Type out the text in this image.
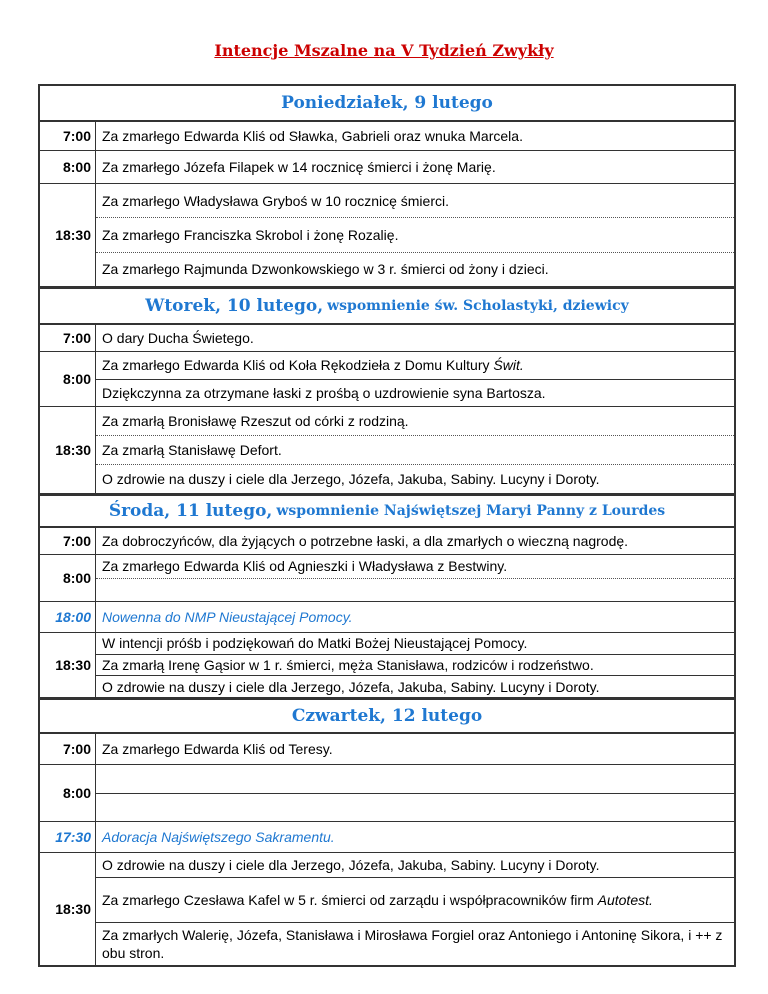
Intencje Mszalne na V Tydzień Zwykły
Poniedziałek, 9 lutego
7:00 Za zmarłego Edwarda Kliś od Sławka, Gabrieli oraz wnuka Marcela.
8:00 Za zmarłego Józefa Filapek w 14 rocznicę śmierci i żonę Marię.
18:30
Za zmarłego Władysława Gryboś w 10 rocznicę śmierci.
Za zmarłego Franciszka Skrobol i żonę Rozalię.
Za zmarłego Rajmunda Dzwonkowskiego w 3 r. śmierci od żony i dzieci.
Wtorek, 10 lutego, wspomnienie św. Scholastyki, dziewicy
7:00 O dary Ducha Świetego.
8:00
Za zmarłego Edwarda Kliś od Koła Rękodzieła z Domu Kultury
Świt.
Dziękczynna za otrzymane łaski z prośbą o uzdrowienie syna Bartosza.
18:30
Za zmarłą Bronisławę Rzeszut od córki z rodziną.
Za zmarłą Stanisławę Defort.
O zdrowie na duszy i ciele dla Jerzego, Józefa, Jakuba, Sabiny. Lucyny i Doroty.
Środa, 11 lutego, wspomnienie Najświętszej Maryi Panny z Lourdes
7:00 Za dobroczyńców, dla żyjących o potrzebne łaski, a dla zmarłych o wieczną nagrodę.
8:00
Za zmarłego Edwarda Kliś od Agnieszki i Władysława z Bestwiny.
18:00 Nowenna do NMP Nieustającej Pomocy.
18:30
W intencji próśb i podziękowań do Matki Bożej Nieustającej Pomocy.
Za zmarłą Irenę Gąsior w 1 r. śmierci, męża Stanisława, rodziców i rodzeństwo.
O zdrowie na duszy i ciele dla Jerzego, Józefa, Jakuba, Sabiny. Lucyny i Doroty.
Czwartek, 12 lutego
7:00 Za zmarłego Edwarda Kliś od Teresy.
8:00
17:30 Adoracja Najświętszego Sakramentu.
18:30
O zdrowie na duszy i ciele dla Jerzego, Józefa, Jakuba, Sabiny. Lucyny i Doroty.
Za zmarłego Czesława Kafel w 5 r. śmierci od zarządu i współpracowników firm Autotest.
Za zmarłych Walerię, Józefa, Stanisława i Mirosława Forgiel oraz Antoniego i Antoninę Sikora, i ++ z obu stron.
